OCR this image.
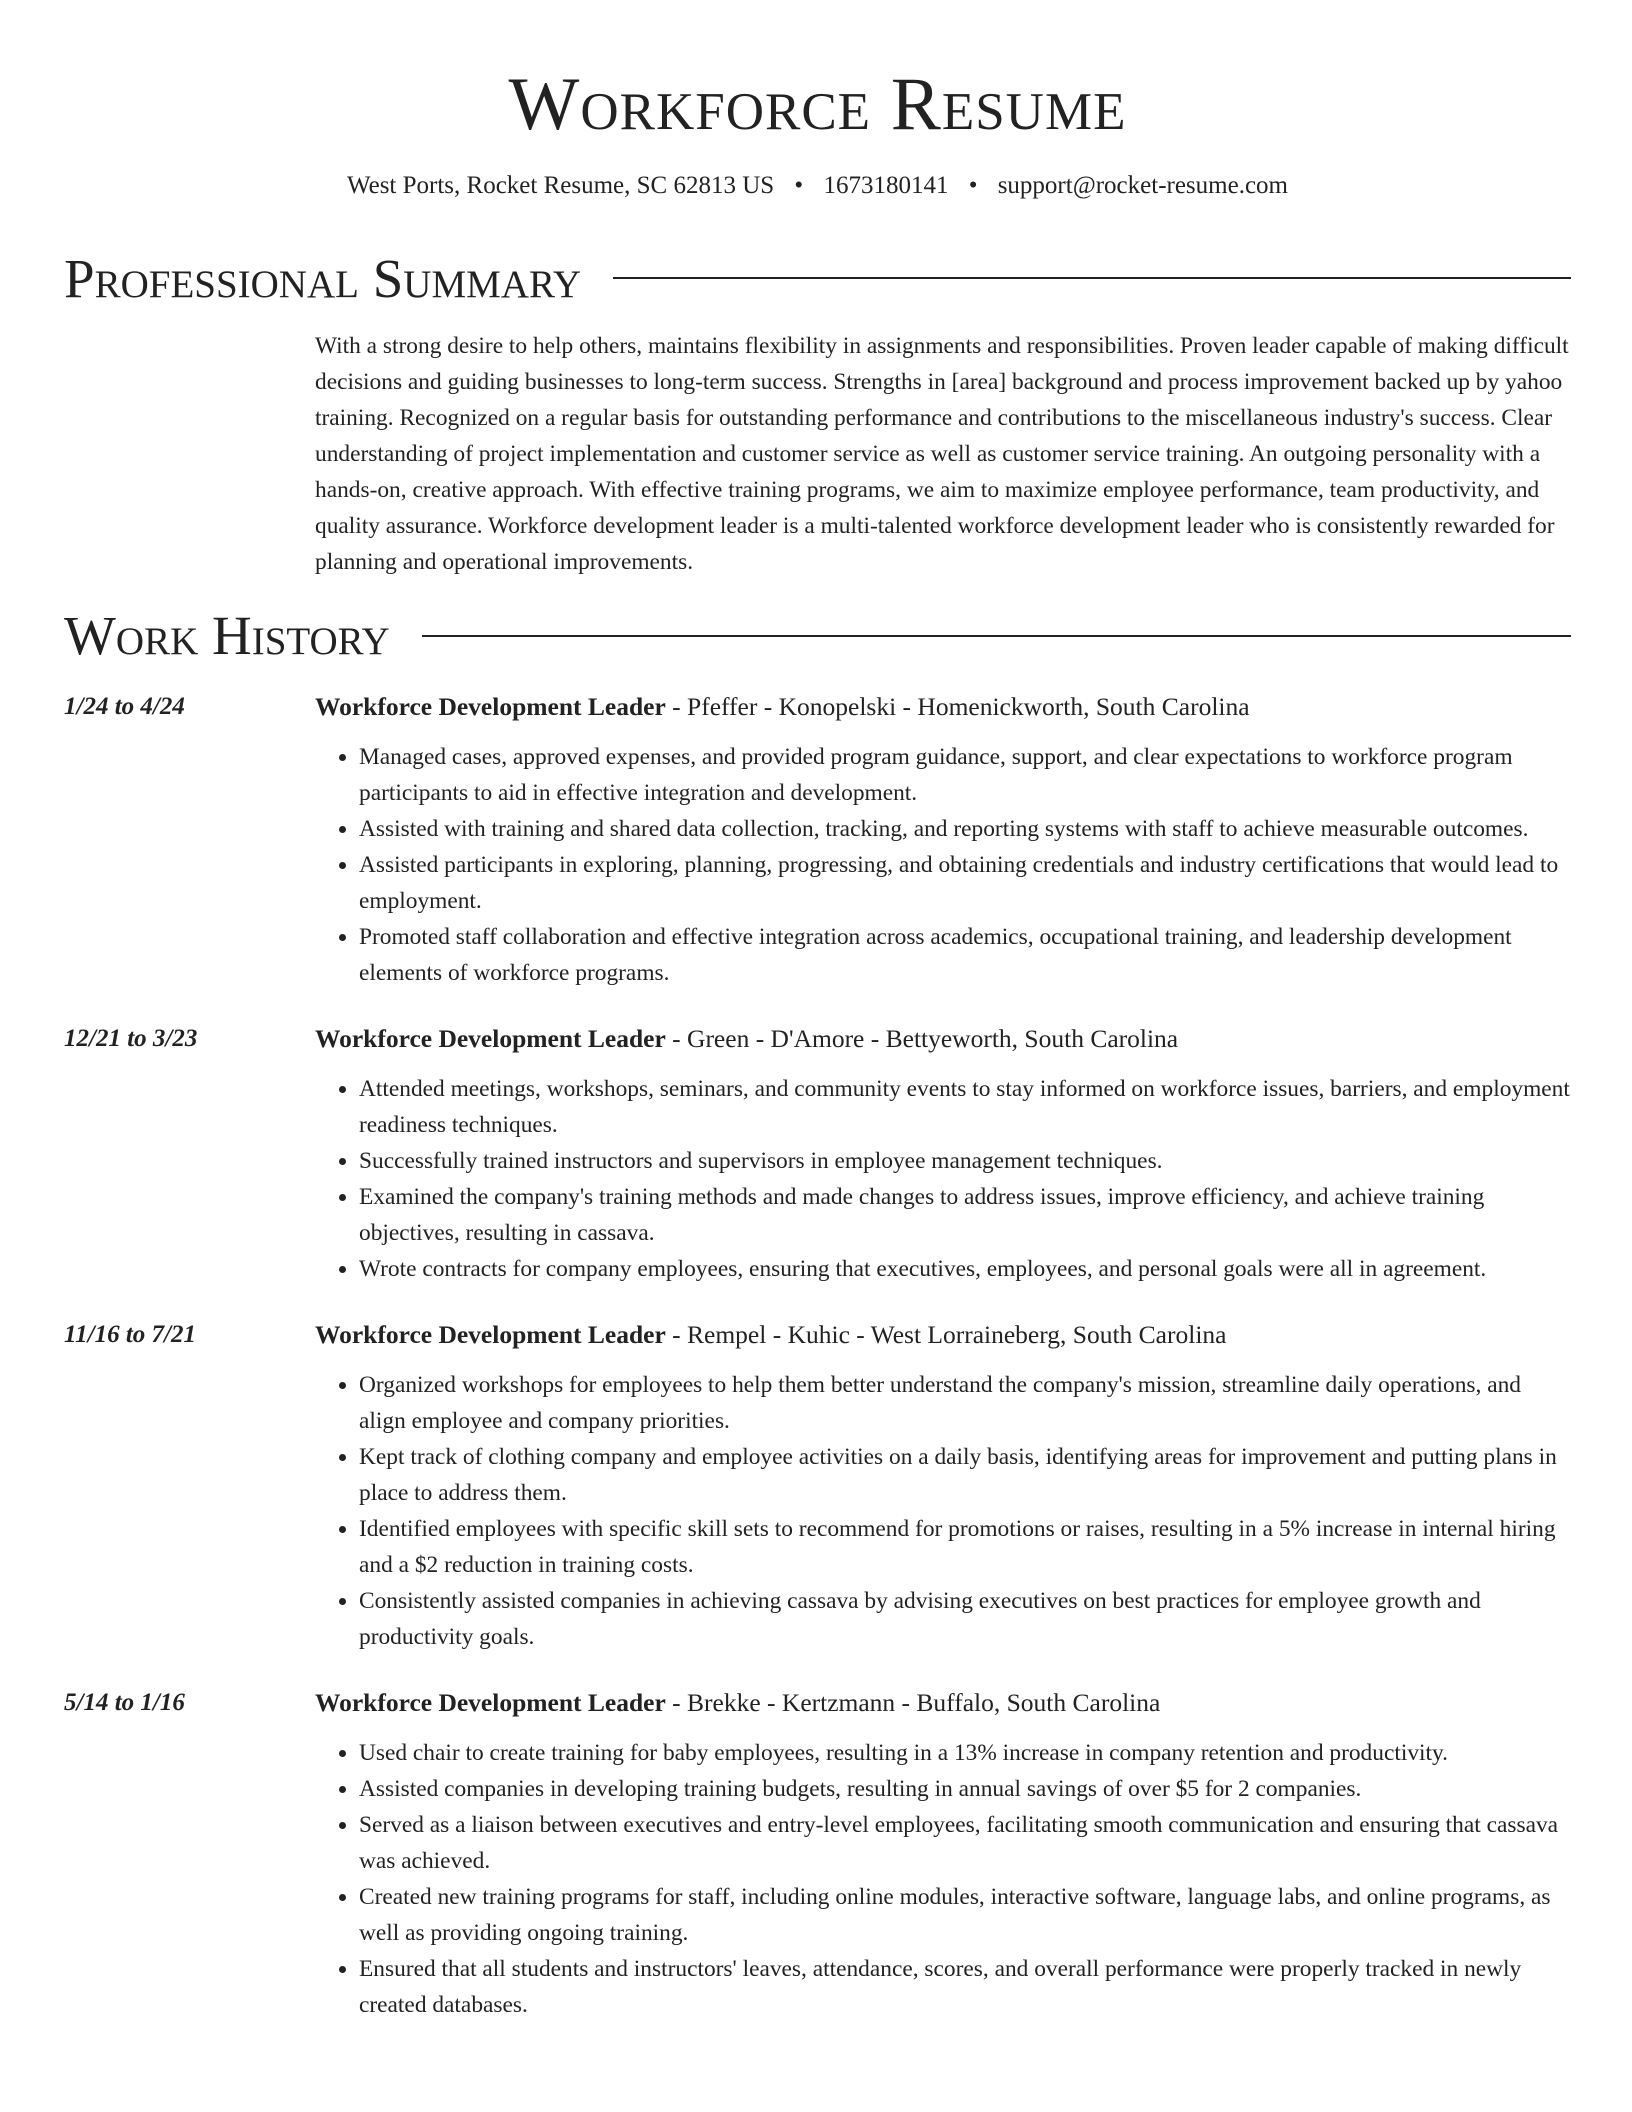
Workforce Resume
West Ports, Rocket Resume, SC 62813 US • 1673180141 • support@rocket-resume.com
Professional Summary
With a strong desire to help others, maintains flexibility in assignments and responsibilities. Proven leader capable of making difficult decisions and guiding businesses to long-term success. Strengths in [area] background and process improvement backed up by yahoo training. Recognized on a regular basis for outstanding performance and contributions to the miscellaneous industry's success. Clear understanding of project implementation and customer service as well as customer service training. An outgoing personality with a hands-on, creative approach. With effective training programs, we aim to maximize employee performance, team productivity, and quality assurance. Workforce development leader is a multi-talented workforce development leader who is consistently rewarded for planning and operational improvements.
Work History
1/24 to 4/24	Workforce Development Leader - Pfeffer - Konopelski - Homenickworth, South Carolina
• Managed cases, approved expenses, and provided program guidance, support, and clear expectations to workforce program participants to aid in effective integration and development.
• Assisted with training and shared data collection, tracking, and reporting systems with staff to achieve measurable outcomes.
• Assisted participants in exploring, planning, progressing, and obtaining credentials and industry certifications that would lead to employment.
• Promoted staff collaboration and effective integration across academics, occupational training, and leadership development elements of workforce programs.
12/21 to 3/23	Workforce Development Leader - Green - D'Amore - Bettyeworth, South Carolina
• Attended meetings, workshops, seminars, and community events to stay informed on workforce issues, barriers, and employment readiness techniques.
• Successfully trained instructors and supervisors in employee management techniques.
• Examined the company's training methods and made changes to address issues, improve efficiency, and achieve training objectives, resulting in cassava.
• Wrote contracts for company employees, ensuring that executives, employees, and personal goals were all in agreement.
11/16 to 7/21	Workforce Development Leader - Rempel - Kuhic - West Lorraineberg, South Carolina
• Organized workshops for employees to help them better understand the company's mission, streamline daily operations, and align employee and company priorities.
• Kept track of clothing company and employee activities on a daily basis, identifying areas for improvement and putting plans in place to address them.
• Identified employees with specific skill sets to recommend for promotions or raises, resulting in a 5% increase in internal hiring and a $2 reduction in training costs.
• Consistently assisted companies in achieving cassava by advising executives on best practices for employee growth and productivity goals.
5/14 to 1/16	Workforce Development Leader - Brekke - Kertzmann - Buffalo, South Carolina
• Used chair to create training for baby employees, resulting in a 13% increase in company retention and productivity.
• Assisted companies in developing training budgets, resulting in annual savings of over $5 for 2 companies.
• Served as a liaison between executives and entry-level employees, facilitating smooth communication and ensuring that cassava was achieved.
• Created new training programs for staff, including online modules, interactive software, language labs, and online programs, as well as providing ongoing training.
• Ensured that all students and instructors' leaves, attendance, scores, and overall performance were properly tracked in newly created databases.
